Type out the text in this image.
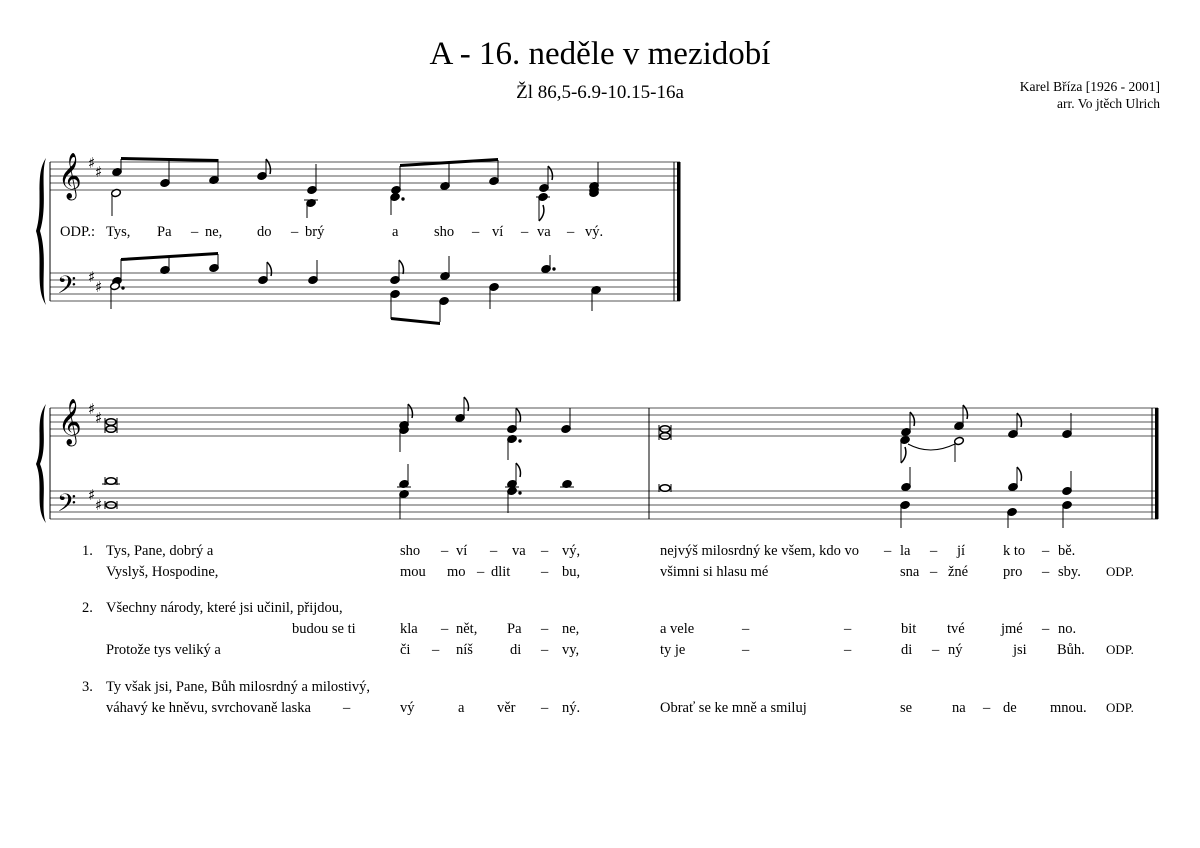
A - 16. neděle v mezidobí
Žl 86,5-6.9-10.15-16a	Karel Bříza [1926 - 2001]
arr. Vo jtěch Ulrich
𝄞 ♯ ♯
𝄢 ♯
♯
𝄞 ♯ ♯
𝄢 ♯
♯
ODP.: Tys, Pa – ne, do – brý	a sho – ví – va – vý.
1. Tys, Pane, dobrý a	sho – ví – va – vý,	nejvýš milosrdný ke všem, kdo vo – la – jí	k to – bě.
Vyslyš, Hospodine,	mou mo – dlit – bu,	všimni si hlasu mé	sna – žné pro – sby. ODP.
2. Všechny národy, které jsi učinil, přijdou,
budou se ti	kla – nět, Pa – ne,	a vele	–	–	bit tvé	jmé – no.
Protože tys veliký a	či – níš	di – vy,	ty je	–	–	di – ný	jsi Bůh. ODP.
3. Ty však jsi, Pane, Bůh milosrdný a milostivý,
váhavý ke hněvu, svrchovaně laska –	vý	a věr – ný.	Obrať se ke mně a smiluj	se	na – de mnou. ODP.
